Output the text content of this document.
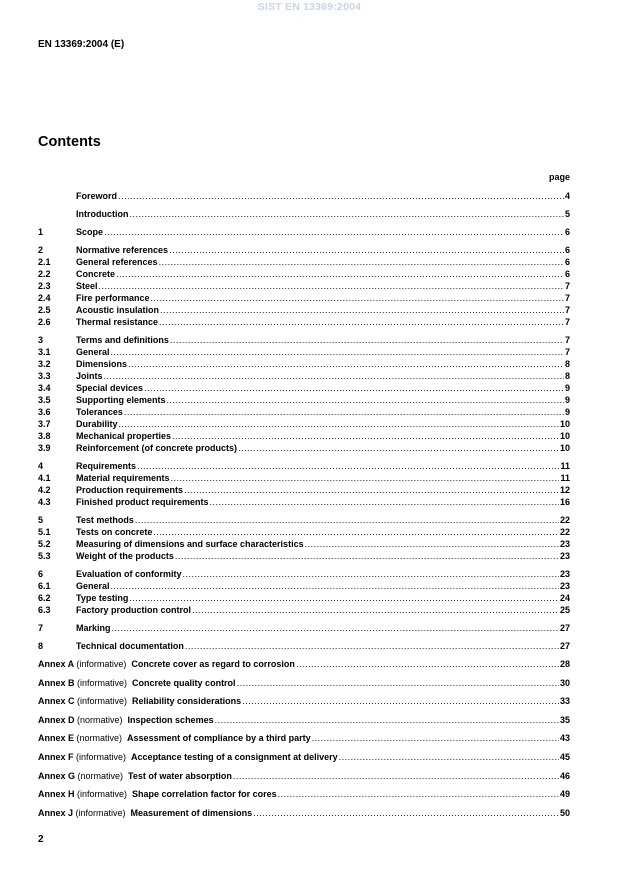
SIST EN 13369:2004
EN 13369:2004 (E)
Contents
page
Foreword .....	4
Introduction .....	5
1	Scope .....	6
2	Normative references .....	6
2.1	General references .....	6
2.2	Concrete .....	6
2.3	Steel .....	7
2.4	Fire performance .....	7
2.5	Acoustic insulation .....	7
2.6	Thermal resistance .....	7
3	Terms and definitions .....	7
3.1	General .....	7
3.2	Dimensions .....	8
3.3	Joints .....	8
3.4	Special devices .....	9
3.5	Supporting elements .....	9
3.6	Tolerances .....	9
3.7	Durability .....	10
3.8	Mechanical properties .....	10
3.9	Reinforcement (of concrete products) .....	10
4	Requirements .....	11
4.1	Material requirements .....	11
4.2	Production requirements .....	12
4.3	Finished product requirements .....	16
5	Test methods .....	22
5.1	Tests on concrete .....	22
5.2	Measuring of dimensions and surface characteristics .....	23
5.3	Weight of the products .....	23
6	Evaluation of conformity .....	23
6.1	General .....	23
6.2	Type testing .....	24
6.3	Factory production control .....	25
7	Marking .....	27
8	Technical documentation .....	27
Annex A (informative) Concrete cover as regard to corrosion .....	28
Annex B (informative) Concrete quality control .....	30
Annex C (informative) Reliability considerations .....	33
Annex D (normative) Inspection schemes .....	35
Annex E (normative) Assessment of compliance by a third party .....	43
Annex F (informative) Acceptance testing of a consignment at delivery .....	45
Annex G (normative) Test of water absorption .....	46
Annex H (informative) Shape correlation factor for cores .....	49
Annex J (informative) Measurement of dimensions .....	50
2
